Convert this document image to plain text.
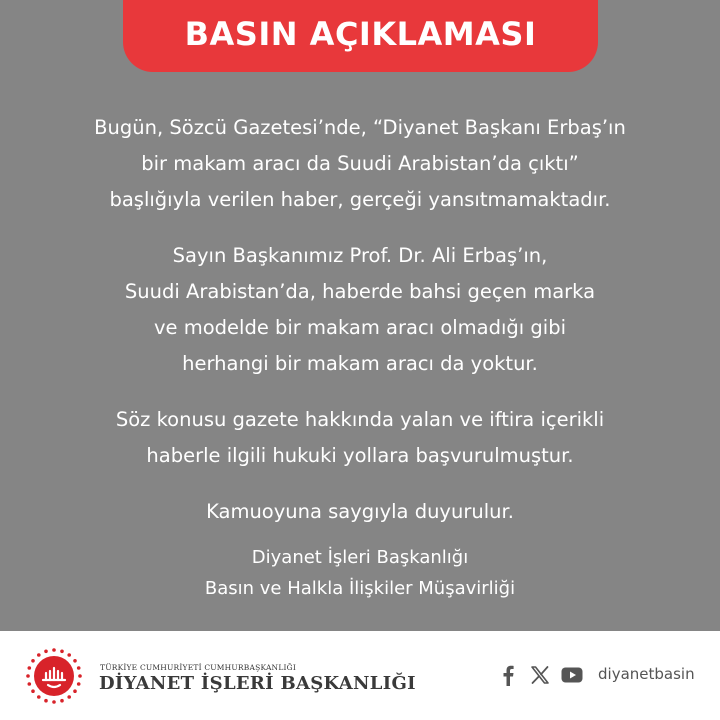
BASIN AÇIKLAMASI
Bugün, Sözcü Gazetesi’nde, “Diyanet Başkanı Erbaş’ın
bir makam aracı da Suudi Arabistan’da çıktı”
başlığıyla verilen haber, gerçeği yansıtmamaktadır.
Sayın Başkanımız Prof. Dr. Ali Erbaş’ın,
Suudi Arabistan’da, haberde bahsi geçen marka
ve modelde bir makam aracı olmadığı gibi
herhangi bir makam aracı da yoktur.
Söz konusu gazete hakkında yalan ve iftira içerikli
haberle ilgili hukuki yollara başvurulmuştur.
Kamuoyuna saygıyla duyurulur.
Diyanet İşleri Başkanlığı
Basın ve Halkla İlişkiler Müşavirliği
TÜRKİYE CUMHURİYETİ CUMHURBAŞKANLIĞI
DİYANET İŞLERİ BAŞKANLIĞI	diyanetbasin
